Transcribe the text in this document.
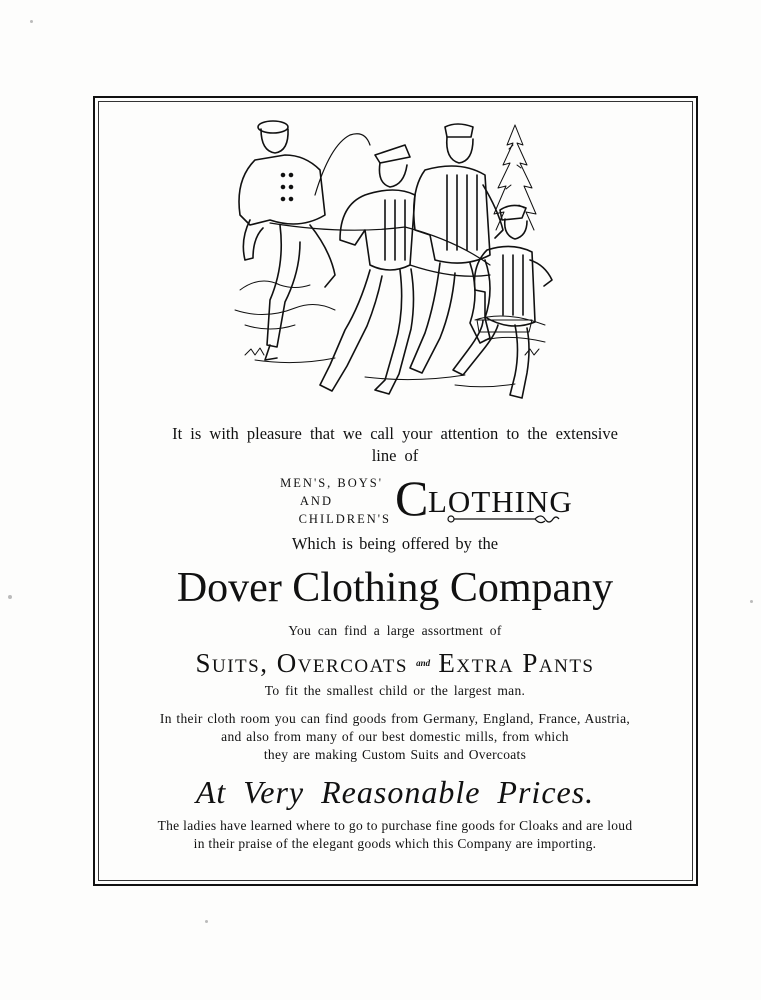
It is with pleasure that we call your attention to the extensive
line of
MEN'S, BOYS'
AND
CHILDREN'S C LOTHING
Which is being offered by the
Dover Clothing Company
You can find a large assortment of
Suits, Overcoats $^{and}$ Extra Pants
To fit the smallest child or the largest man.
In their cloth room you can find goods from Germany, England, France, Austria,
and also from many of our best domestic mills, from which
they are making Custom Suits and Overcoats
At Very Reasonable Prices.
The ladies have learned where to go to purchase fine goods for Cloaks and are loud
in their praise of the elegant goods which this Company are importing.
